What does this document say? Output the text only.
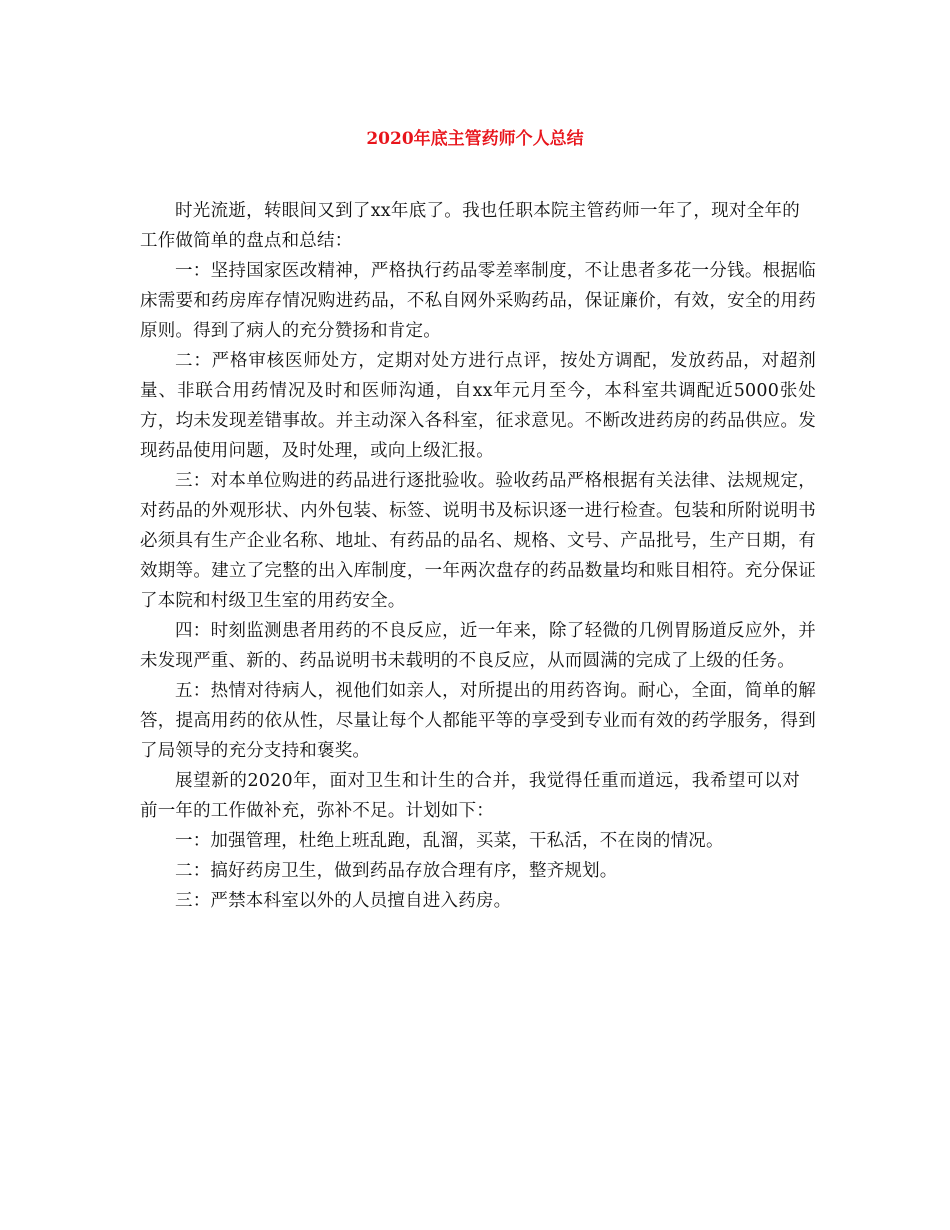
2020年底主管药师个人总结

时光流逝，转眼间又到了xx年底了。我也任职本院主管药师一年了，现对全年的工作做简单的盘点和总结：

一：坚持国家医改精神，严格执行药品零差率制度，不让患者多花一分钱。根据临床需要和药房库存情况购进药品，不私自网外采购药品，保证廉价，有效，安全的用药原则。得到了病人的充分赞扬和肯定。

二：严格审核医师处方，定期对处方进行点评，按处方调配，发放药品，对超剂量、非联合用药情况及时和医师沟通，自xx年元月至今，本科室共调配近5000张处方，均未发现差错事故。并主动深入各科室，征求意见。不断改进药房的药品供应。发现药品使用问题，及时处理，或向上级汇报。

三：对本单位购进的药品进行逐批验收。验收药品严格根据有关法律、法规规定，对药品的外观形状、内外包装、标签、说明书及标识逐一进行检查。包装和所附说明书必须具有生产企业名称、地址、有药品的品名、规格、文号、产品批号，生产日期，有效期等。建立了完整的出入库制度，一年两次盘存的药品数量均和账目相符。充分保证了本院和村级卫生室的用药安全。

四：时刻监测患者用药的不良反应，近一年来，除了轻微的几例胃肠道反应外，并未发现严重、新的、药品说明书未载明的不良反应，从而圆满的完成了上级的任务。

五：热情对待病人，视他们如亲人，对所提出的用药咨询。耐心，全面，简单的解答，提高用药的依从性，尽量让每个人都能平等的享受到专业而有效的药学服务，得到了局领导的充分支持和褒奖。

展望新的2020年，面对卫生和计生的合并，我觉得任重而道远，我希望可以对前一年的工作做补充，弥补不足。计划如下：

一：加强管理，杜绝上班乱跑，乱溜，买菜，干私活，不在岗的情况。

二：搞好药房卫生，做到药品存放合理有序，整齐规划。

三：严禁本科室以外的人员擅自进入药房。
